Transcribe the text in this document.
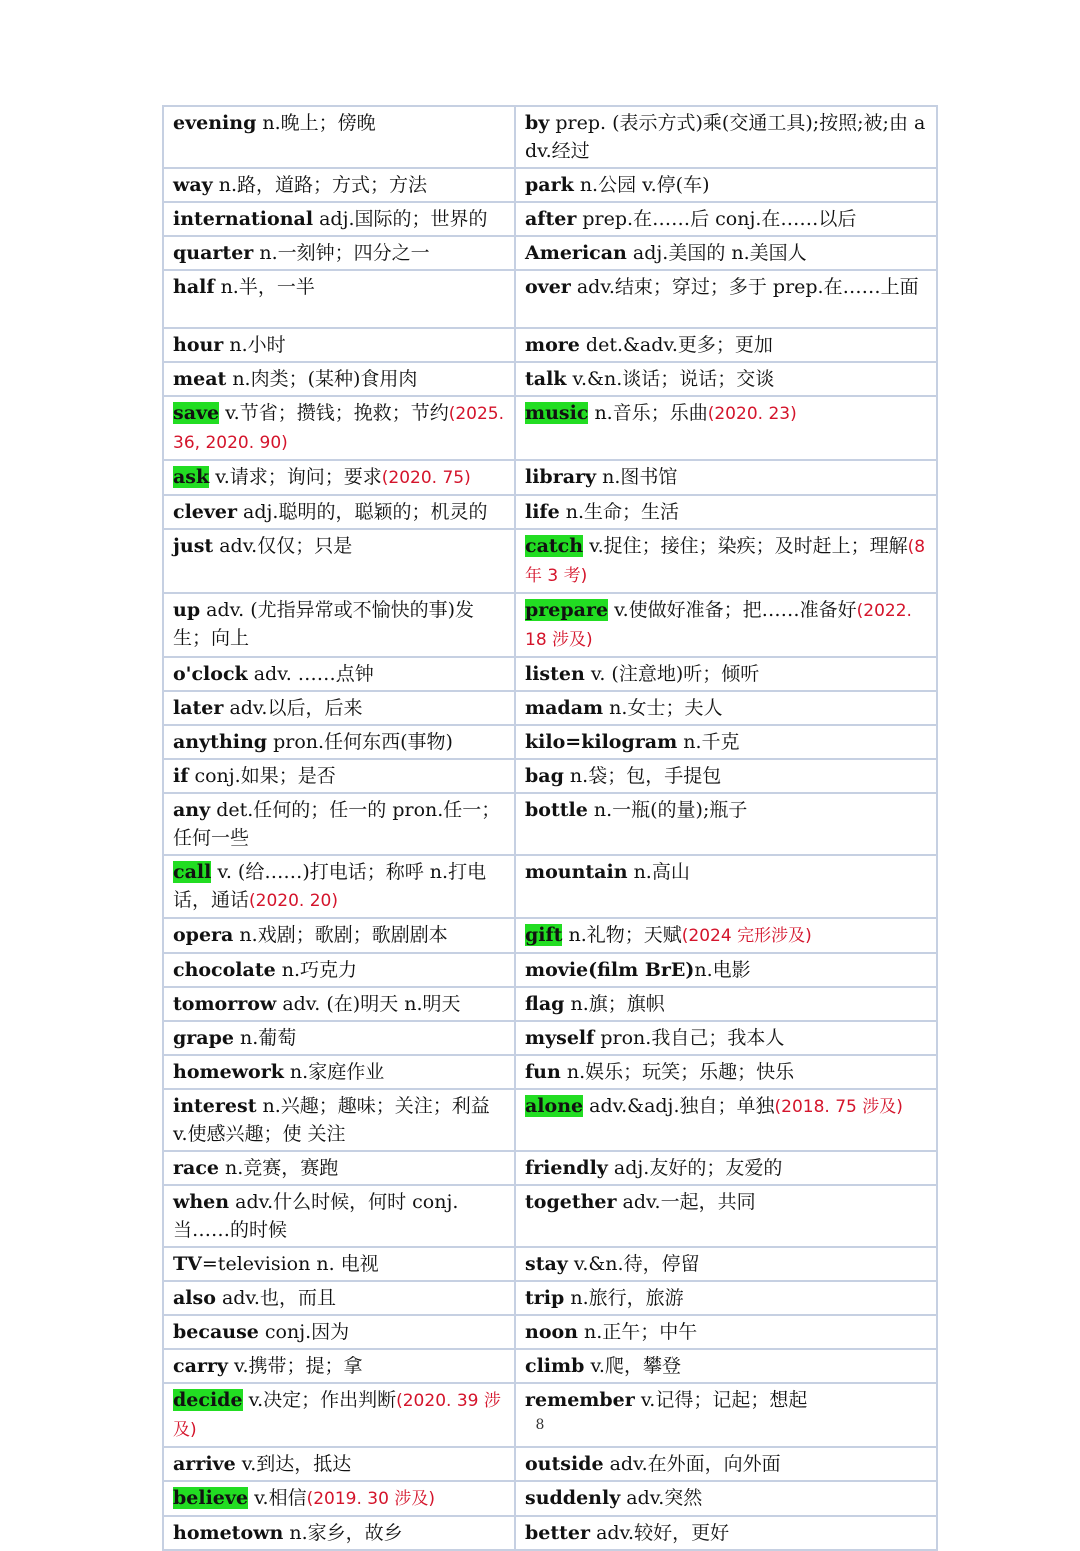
evening n.晚上；傍晚	by prep. (表示方式)乘(交通工具);按照;被;由 adv.经过
way n.路，道路；方式；方法	park n.公园 v.停(车)
international adj.国际的；世界的	after prep.在……后 conj.在……以后
quarter n.一刻钟；四分之一	American adj.美国的 n.美国人
half n.半，一半	over adv.结束；穿过；多于 prep.在……上面
hour n.小时	more det.&adv.更多；更加
meat n.肉类；(某种)食用肉	talk v.&n.谈话；说话；交谈
save v.节省；攒钱；挽救；节约(2025. 36, 2020. 90)	music n.音乐；乐曲(2020. 23)
ask v.请求；询问；要求(2020. 75)	library n.图书馆
clever adj.聪明的，聪颖的；机灵的	life n.生命；生活
just adv.仅仅；只是	catch v.捉住；接住；染疾；及时赶上；理解(8 年 3 考)
up adv. (尤指异常或不愉快的事)发生；向上	prepare v.使做好准备；把……准备好(2022. 18 涉及)
o'clock adv. ……点钟	listen v. (注意地)听；倾听
later adv.以后，后来	madam n.女士；夫人
anything pron.任何东西(事物)	kilo=kilogram n.千克
if conj.如果；是否	bag n.袋；包，手提包
any det.任何的；任一的 pron.任一；任何一些	bottle n.一瓶(的量);瓶子
call v. (给……)打电话；称呼 n.打电话，通话(2020. 20)	mountain n.高山
opera n.戏剧；歌剧；歌剧剧本	gift n.礼物；天赋(2024 完形涉及)
chocolate n.巧克力	movie(film BrE)n.电影
tomorrow adv. (在)明天 n.明天	flag n.旗；旗帜
grape n.葡萄	myself pron.我自己；我本人
homework n.家庭作业	fun n.娱乐；玩笑；乐趣；快乐
interest n.兴趣；趣味；关注；利益 v.使感兴趣；使 关注	alone adv.&adj.独自；单独(2018. 75 涉及)
race n.竞赛，赛跑	friendly adj.友好的；友爱的
when adv.什么时候，何时 conj.当……的时候	together adv.一起，共同
TV=television n. 电视	stay v.&n.待，停留
also adv.也，而且	trip n.旅行，旅游
because conj.因为	noon n.正午；中午
carry v.携带；提；拿	climb v.爬，攀登
decide v.决定；作出判断(2020. 39 涉及)	remember v.记得；记起；想起
arrive v.到达，抵达	outside adv.在外面，向外面
believe v.相信(2019. 30 涉及)	suddenly adv.突然
hometown n.家乡，故乡	better adv.较好，更好
8
